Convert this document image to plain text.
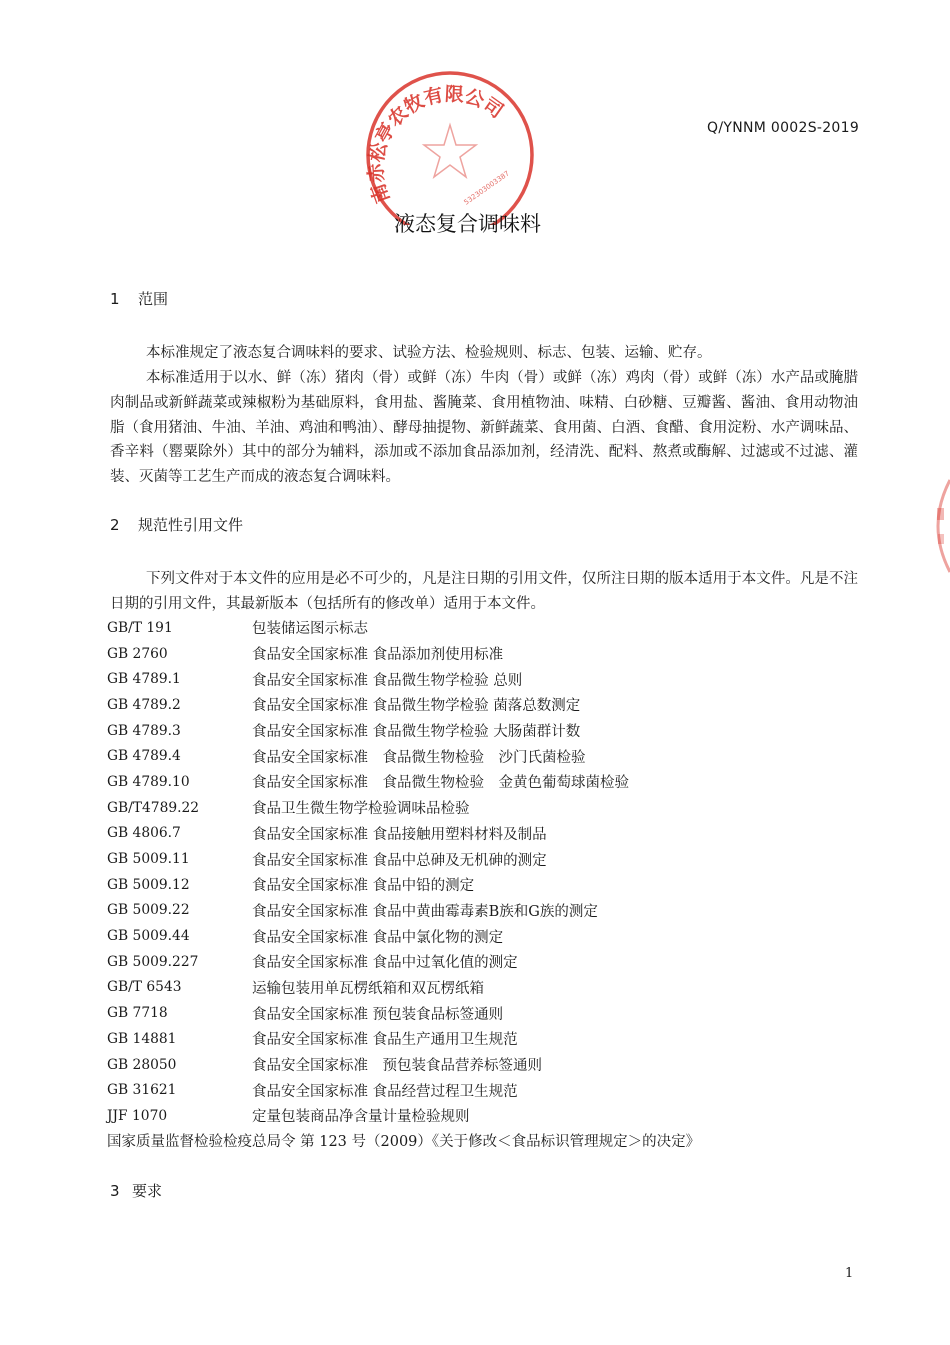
Q/YNNM 0002S-2019
南赤松亭农牧有限公司
532303003387
液态复合调味料
1 范围
本标准规定了液态复合调味料的要求、试验方法、检验规则、标志、包装、运输、贮存。
本标准适用于以水、鲜（冻）猪肉（骨）或鲜（冻）牛肉（骨）或鲜（冻）鸡肉（骨）或鲜（冻）水产品或腌腊肉制品或新鲜蔬菜或辣椒粉为基础原料，食用盐、酱腌菜、食用植物油、味精、白砂糖、豆瓣酱、酱油、食用动物油脂（食用猪油、牛油、羊油、鸡油和鸭油）、酵母抽提物、新鲜蔬菜、食用菌、白酒、食醋、食用淀粉、水产调味品、香辛料（罂粟除外）其中的部分为辅料，添加或不添加食品添加剂，经清洗、配料、熬煮或酶解、过滤或不过滤、灌装、灭菌等工艺生产而成的液态复合调味料。
2 规范性引用文件
下列文件对于本文件的应用是必不可少的，凡是注日期的引用文件，仅所注日期的版本适用于本文件。凡是不注日期的引用文件，其最新版本（包括所有的修改单）适用于本文件。
GB/T 191	包装储运图示标志
GB 2760	食品安全国家标准 食品添加剂使用标准
GB 4789.1	食品安全国家标准 食品微生物学检验 总则
GB 4789.2	食品安全国家标准 食品微生物学检验 菌落总数测定
GB 4789.3	食品安全国家标准 食品微生物学检验 大肠菌群计数
GB 4789.4	食品安全国家标准　食品微生物检验　沙门氏菌检验
GB 4789.10	食品安全国家标准　食品微生物检验　金黄色葡萄球菌检验
GB/T4789.22	食品卫生微生物学检验调味品检验
GB 4806.7	食品安全国家标准 食品接触用塑料材料及制品
GB 5009.11	食品安全国家标准 食品中总砷及无机砷的测定
GB 5009.12	食品安全国家标准 食品中铅的测定
GB 5009.22	食品安全国家标准 食品中黄曲霉毒素B族和G族的测定
GB 5009.44	食品安全国家标准 食品中氯化物的测定
GB 5009.227	食品安全国家标准 食品中过氧化值的测定
GB/T 6543	运输包装用单瓦楞纸箱和双瓦楞纸箱
GB 7718	食品安全国家标准 预包装食品标签通则
GB 14881	食品安全国家标准 食品生产通用卫生规范
GB 28050	食品安全国家标准　预包装食品营养标签通则
GB 31621	食品安全国家标准 食品经营过程卫生规范
JJF 1070	定量包装商品净含量计量检验规则
国家质量监督检验检疫总局令 第 123 号（2009）《关于修改＜食品标识管理规定＞的决定》
3 要求
1
